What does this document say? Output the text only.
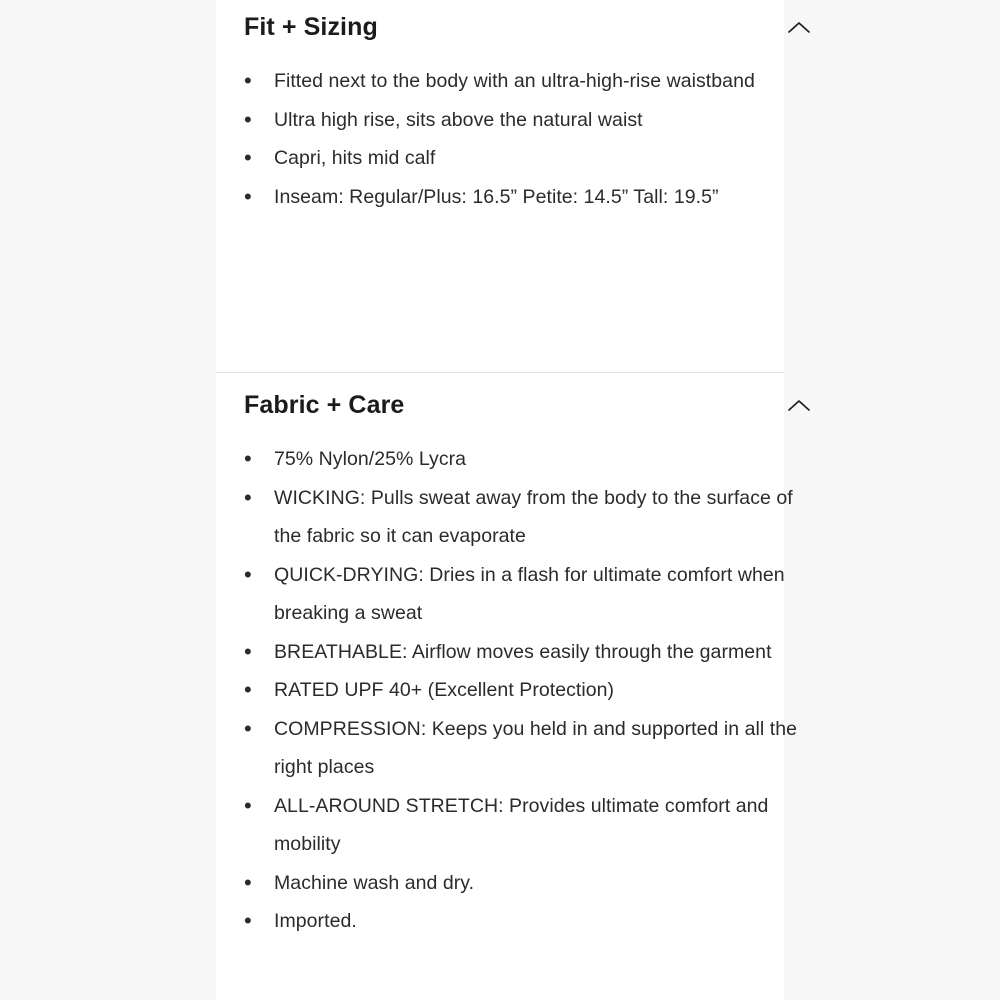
Fit + Sizing
• Fitted next to the body with an ultra-high-rise waistband
• Ultra high rise, sits above the natural waist
• Capri, hits mid calf
• Inseam: Regular/Plus: 16.5” Petite: 14.5” Tall: 19.5”
Fabric + Care
• 75% Nylon/25% Lycra
• WICKING: Pulls sweat away from the body to the surface of the fabric so it can evaporate
• QUICK-DRYING: Dries in a flash for ultimate comfort when breaking a sweat
• BREATHABLE: Airflow moves easily through the garment
• RATED UPF 40+ (Excellent Protection)
• COMPRESSION: Keeps you held in and supported in all the right places
• ALL-AROUND STRETCH: Provides ultimate comfort and mobility
• Machine wash and dry.
• Imported.
